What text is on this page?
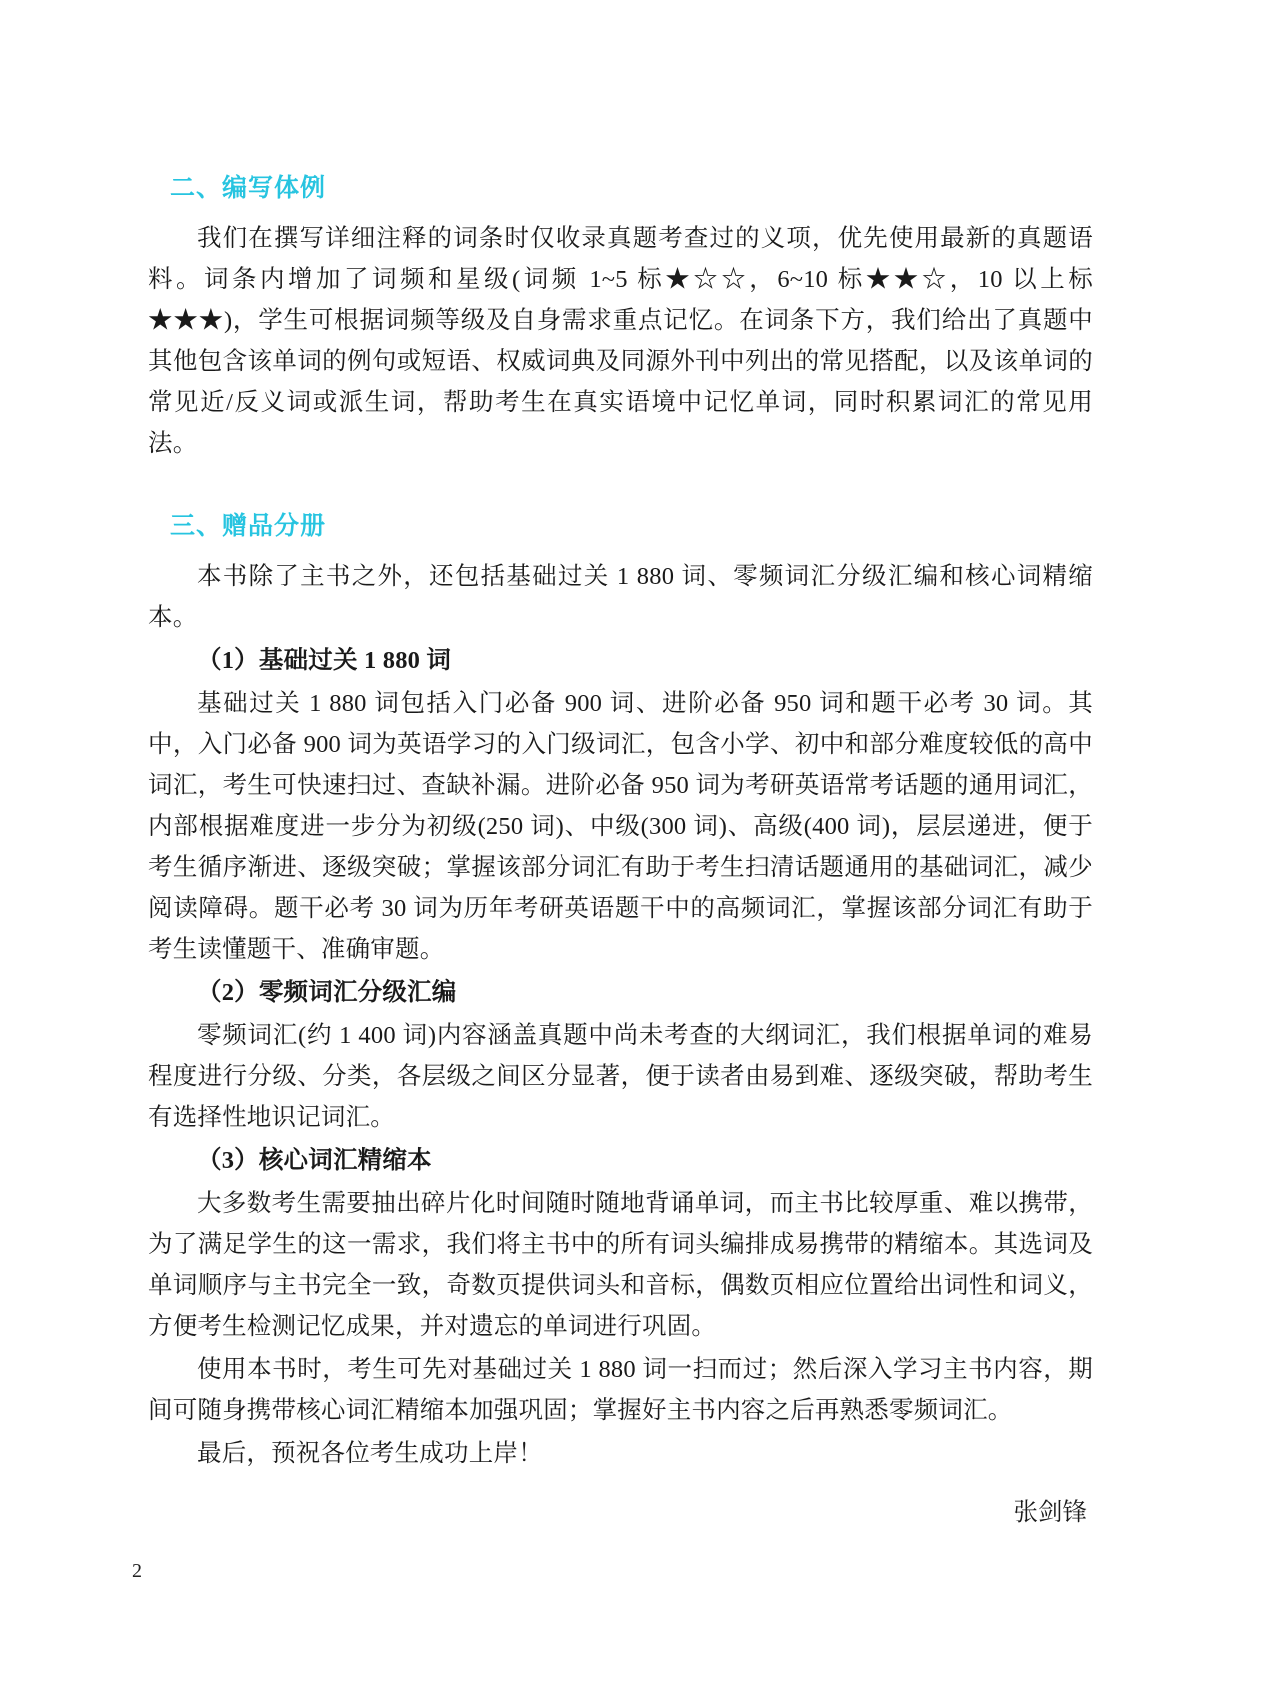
二、编写体例

我们在撰写详细注释的词条时仅收录真题考查过的义项，优先使用最新的真题语料。词条内增加了词频和星级(词频 1~5 标★☆☆，6~10 标★★☆，10 以上标★★★)，学生可根据词频等级及自身需求重点记忆。在词条下方，我们给出了真题中其他包含该单词的例句或短语、权威词典及同源外刊中列出的常见搭配，以及该单词的常见近/反义词或派生词，帮助考生在真实语境中记忆单词，同时积累词汇的常见用法。

三、赠品分册

本书除了主书之外，还包括基础过关 1 880 词、零频词汇分级汇编和核心词精缩本。

（1）基础过关 1 880 词

基础过关 1 880 词包括入门必备 900 词、进阶必备 950 词和题干必考 30 词。其中，入门必备 900 词为英语学习的入门级词汇，包含小学、初中和部分难度较低的高中词汇，考生可快速扫过、查缺补漏。进阶必备 950 词为考研英语常考话题的通用词汇，内部根据难度进一步分为初级(250 词)、中级(300 词)、高级(400 词)，层层递进，便于考生循序渐进、逐级突破；掌握该部分词汇有助于考生扫清话题通用的基础词汇，减少阅读障碍。题干必考 30 词为历年考研英语题干中的高频词汇，掌握该部分词汇有助于考生读懂题干、准确审题。

（2）零频词汇分级汇编

零频词汇(约 1 400 词)内容涵盖真题中尚未考查的大纲词汇，我们根据单词的难易程度进行分级、分类，各层级之间区分显著，便于读者由易到难、逐级突破，帮助考生有选择性地识记词汇。

（3）核心词汇精缩本

大多数考生需要抽出碎片化时间随时随地背诵单词，而主书比较厚重、难以携带，为了满足学生的这一需求，我们将主书中的所有词头编排成易携带的精缩本。其选词及单词顺序与主书完全一致，奇数页提供词头和音标，偶数页相应位置给出词性和词义，方便考生检测记忆成果，并对遗忘的单词进行巩固。

使用本书时，考生可先对基础过关 1 880 词一扫而过；然后深入学习主书内容，期间可随身携带核心词汇精缩本加强巩固；掌握好主书内容之后再熟悉零频词汇。

最后，预祝各位考生成功上岸！

张剑锋
2
